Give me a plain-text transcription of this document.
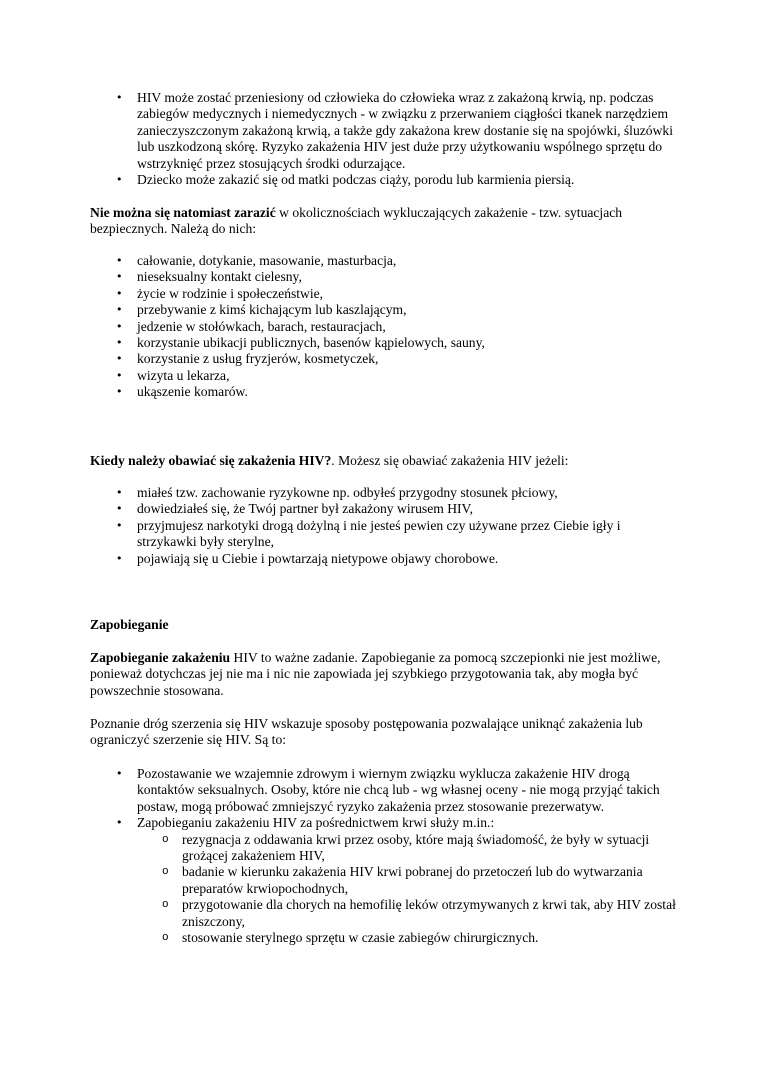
• HIV może zostać przeniesiony od człowieka do człowieka wraz z zakażoną krwią, np. podczas zabiegów medycznych i niemedycznych - w związku z przerwaniem ciągłości tkanek narzędziem zanieczyszczonym zakażoną krwią, a także gdy zakażona krew dostanie się na spojówki, śluzówki lub uszkodzoną skórę. Ryzyko zakażenia HIV jest duże przy użytkowaniu wspólnego sprzętu do wstrzyknięć przez stosujących środki odurzające.
• Dziecko może zakazić się od matki podczas ciąży, porodu lub karmienia piersią.

Nie można się natomiast zarazić w okolicznościach wykluczających zakażenie - tzw. sytuacjach bezpiecznych. Należą do nich:

• całowanie, dotykanie, masowanie, masturbacja,
• nieseksualny kontakt cielesny,
• życie w rodzinie i społeczeństwie,
• przebywanie z kimś kichającym lub kaszlającym,
• jedzenie w stołówkach, barach, restauracjach,
• korzystanie ubikacji publicznych, basenów kąpielowych, sauny,
• korzystanie z usług fryzjerów, kosmetyczek,
• wizyta u lekarza,
• ukąszenie komarów.

Kiedy należy obawiać się zakażenia HIV?. Możesz się obawiać zakażenia HIV jeżeli:

• miałeś tzw. zachowanie ryzykowne np. odbyłeś przygodny stosunek płciowy,
• dowiedziałeś się, że Twój partner był zakażony wirusem HIV,
• przyjmujesz narkotyki drogą dożylną i nie jesteś pewien czy używane przez Ciebie igły i strzykawki były sterylne,
• pojawiają się u Ciebie i powtarzają nietypowe objawy chorobowe.

Zapobieganie

Zapobieganie zakażeniu HIV to ważne zadanie. Zapobieganie za pomocą szczepionki nie jest możliwe, ponieważ dotychczas jej nie ma i nic nie zapowiada jej szybkiego przygotowania tak, aby mogła być powszechnie stosowana.

Poznanie dróg szerzenia się HIV wskazuje sposoby postępowania pozwalające uniknąć zakażenia lub ograniczyć szerzenie się HIV. Są to:

• Pozostawanie we wzajemnie zdrowym i wiernym związku wyklucza zakażenie HIV drogą kontaktów seksualnych. Osoby, które nie chcą lub - wg własnej oceny - nie mogą przyjąć takich postaw, mogą próbować zmniejszyć ryzyko zakażenia przez stosowanie prezerwatyw.
• Zapobieganiu zakażeniu HIV za pośrednictwem krwi służy m.in.:
o rezygnacja z oddawania krwi przez osoby, które mają świadomość, że były w sytuacji grożącej zakażeniem HIV,
o badanie w kierunku zakażenia HIV krwi pobranej do przetoczeń lub do wytwarzania preparatów krwiopochodnych,
o przygotowanie dla chorych na hemofilię leków otrzymywanych z krwi tak, aby HIV został zniszczony,
o stosowanie sterylnego sprzętu w czasie zabiegów chirurgicznych.
